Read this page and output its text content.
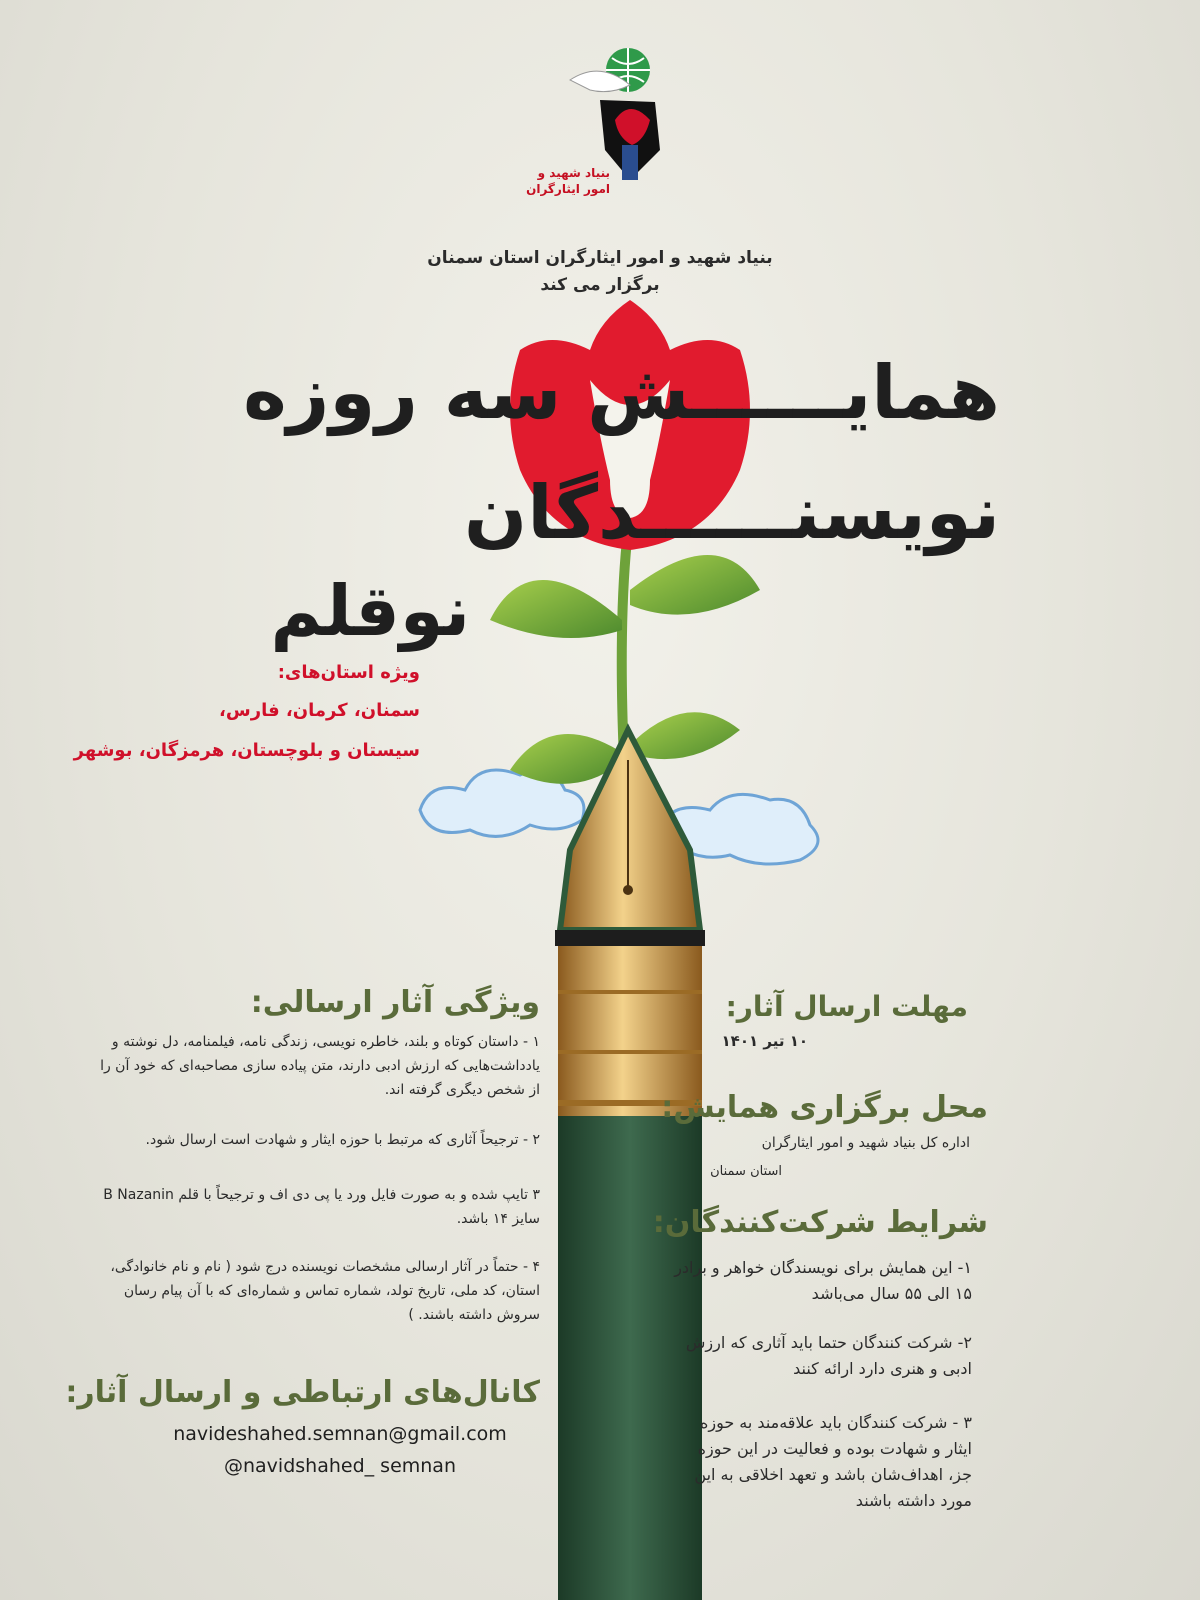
بنیاد شهید و امور ایثارگران
بنیاد شهید و امور ایثارگران استان سمنان
برگزار می کند
همایــــــش سه روزه
نویسنــــــدگان
نوقلم
ویژه استان‌های:
سمنان، کرمان، فارس،
سیستان و بلوچستان، هرمزگان، بوشهر
ویژگی آثار ارسالی:
۱ - داستان کوتاه و بلند، خاطره نویسی، زندگی نامه، فیلمنامه، دل نوشته و یادداشت‌هایی که ارزش ادبی دارند، متن پیاده سازی مصاحبه‌ای که خود آن را از شخص دیگری گرفته اند.
۲ - ترجیحاً آثاری که مرتبط با حوزه ایثار و شهادت است ارسال شود.
۳ تایپ شده و به صورت فایل ورد یا پی دی اف و ترجیحاً با قلم B Nazanin سایز ۱۴ باشد.
۴ - حتماً در آثار ارسالی مشخصات نویسنده درج شود ( نام و نام خانوادگی، استان، کد ملی، تاریخ تولد، شماره تماس و شماره‌ای که با آن پیام رسان سروش داشته باشند. )
کانال‌های ارتباطی و ارسال آثار:
navideshahed.semnan@gmail.com
@navidshahed_ semnan
مهلت ارسال آثار:
۱۰ تیر ۱۴۰۱
محل برگزاری همایش:
اداره کل بنیاد شهید و امور ایثارگران
استان سمنان
شرایط شرکت‌کنندگان:
۱- این همایش برای نویسندگان خواهر و برادر ۱۵ الی ۵۵ سال می‌باشد
۲- شرکت کنندگان حتما باید آثاری که ارزش ادبی و هنری دارد ارائه کنند
۳ - شرکت کنندگان باید علاقه‌مند به حوزه ایثار و شهادت بوده و فعالیت در این حوزه جز، اهداف‌شان باشد و تعهد اخلاقی به این مورد داشته باشند
